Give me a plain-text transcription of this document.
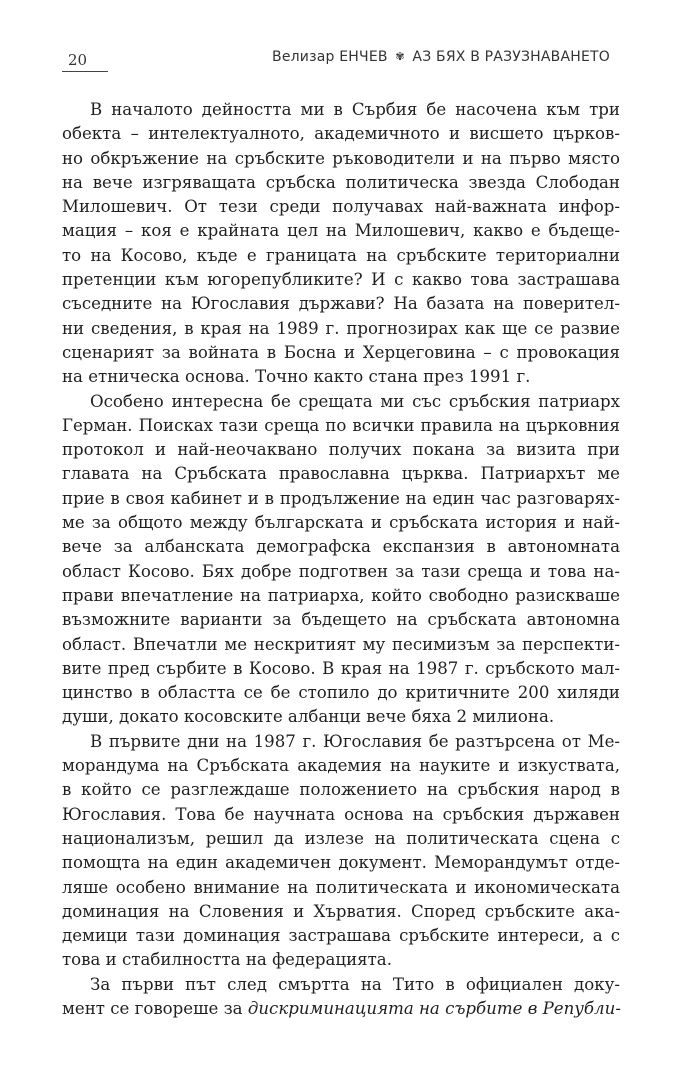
20	Велизар ЕНЧЕВ ✾ АЗ БЯХ В РАЗУЗНАВАНЕТО
В началото дейността ми в Сърбия бе насочена към три
обекта – интелектуалното, академичното и висшето църков-
но обкръжение на сръбските ръководители и на първо място
на вече изгряващата сръбска политическа звезда Слободан
Милошевич. От тези среди получавах най-важната инфор-
мация – коя е крайната цел на Милошевич, какво е бъдеще-
то на Косово, къде е границата на сръбските териториални
претенции към югорепубликите? И с какво това застрашава
съседните на Югославия държави? На базата на поверител-
ни сведения, в края на 1989 г. прогнозирах как ще се развие
сценарият за войната в Босна и Херцеговина – с провокация
на етническа основа. Точно както стана през 1991 г.
Особено интересна бе срещата ми със сръбския патриарх
Герман. Поисках тази среща по всички правила на църковния
протокол и най-неочаквано получих покана за визита при
главата на Сръбската православна църква. Патриархът ме
прие в своя кабинет и в продължение на един час разговарях-
ме за общото между българската и сръбската история и най-
вече за албанската демографска експанзия в автономната
област Косово. Бях добре подготвен за тази среща и това на-
прави впечатление на патриарха, който свободно разискваше
възможните варианти за бъдещето на сръбската автономна
област. Впечатли ме нескритият му песимизъм за перспекти-
вите пред сърбите в Косово. В края на 1987 г. сръбското мал-
цинство в областта се бе стопило до критичните 200 хиляди
души, докато косовските албанци вече бяха 2 милиона.
В първите дни на 1987 г. Югославия бе разтърсена от Ме-
морандума на Сръбската академия на науките и изкуствата,
в който се разглеждаше положението на сръбския народ в
Югославия. Това бе научната основа на сръбския държавен
национализъм, решил да излезе на политическата сцена с
помощта на един академичен документ. Меморандумът отде-
ляше особено внимание на политическата и икономическата
доминация на Словения и Хърватия. Според сръбските ака-
демици тази доминация застрашава сръбските интереси, а с
това и стабилността на федерацията.
За първи път след смъртта на Тито в официален доку-
мент се говореше за дискриминацията на сърбите в Републи-
